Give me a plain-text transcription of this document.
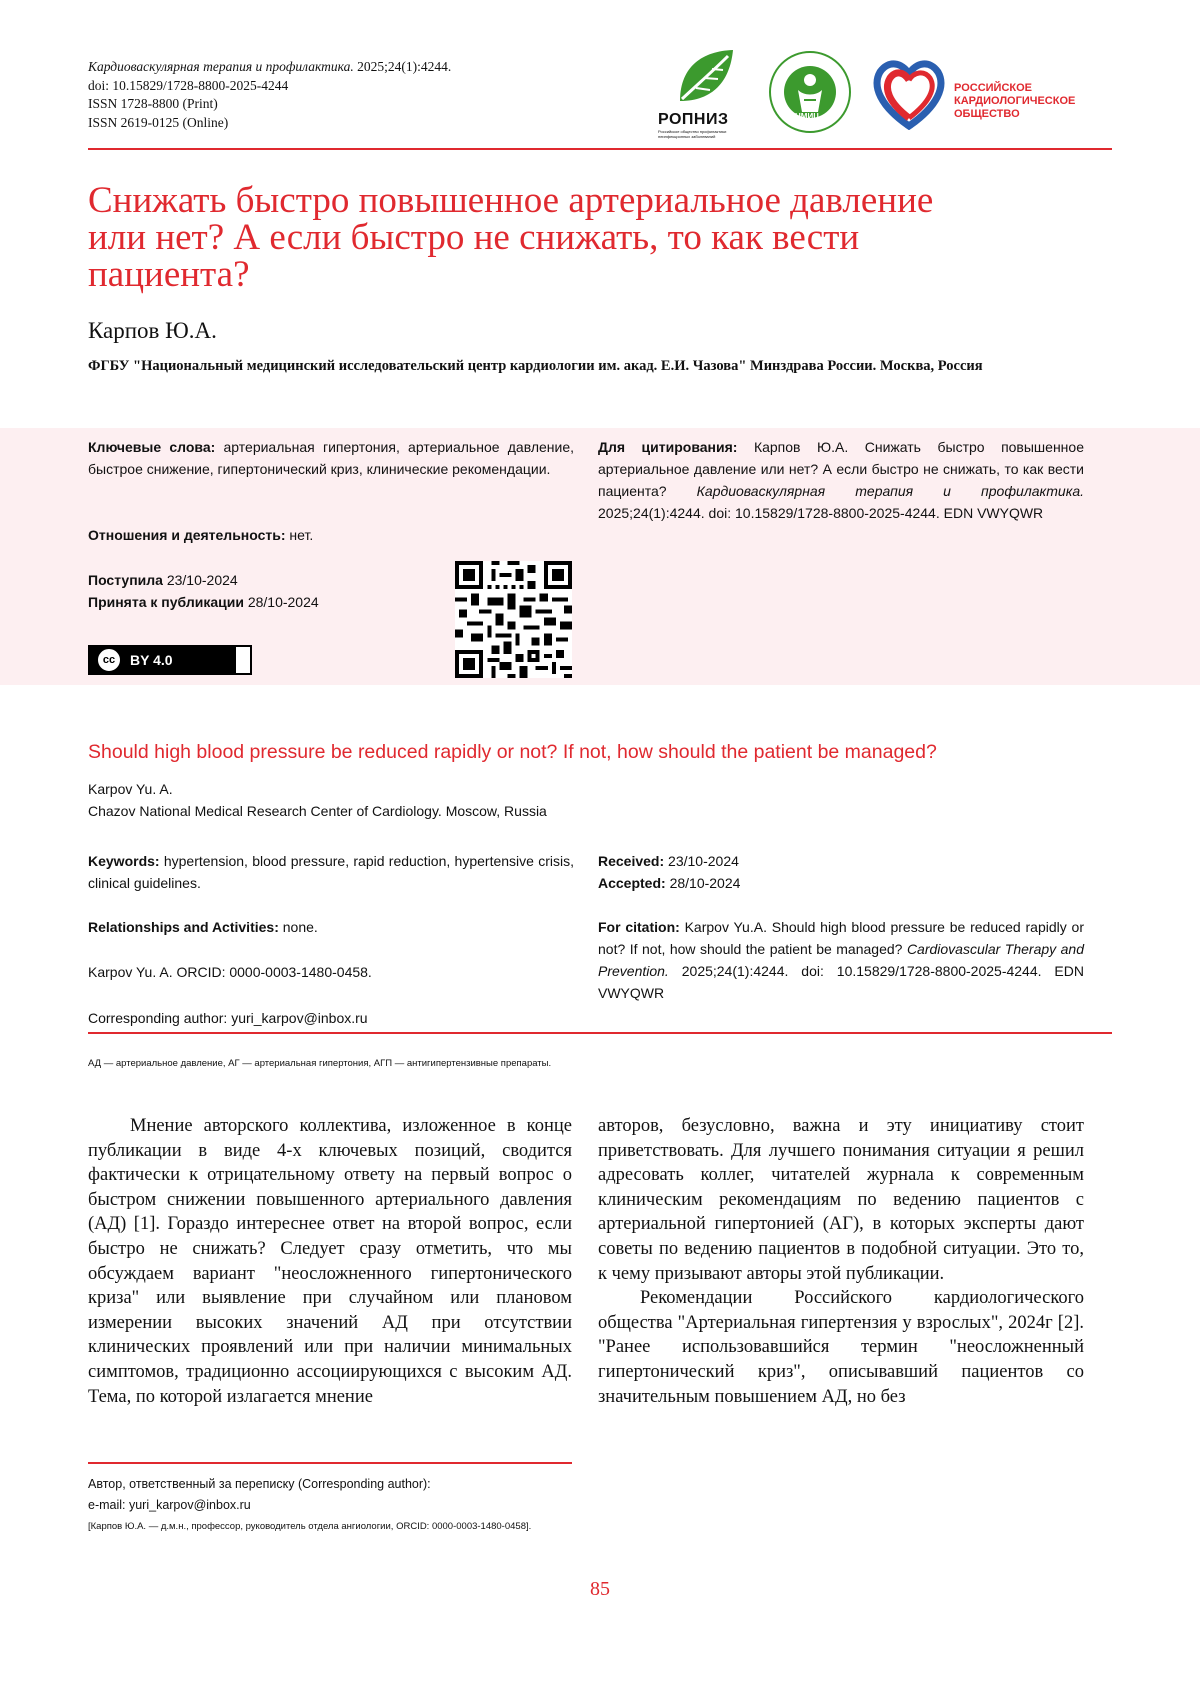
Кардиоваскулярная терапия и профилактика. 2025;24(1):4244.
doi: 10.15829/1728-8800-2025-4244
ISSN 1728-8800 (Print)
ISSN 2619-0125 (Online)	РОПНИЗ
Российское общество профилактики неинфекционных заболеваний
НМИЦ
РОССИЙСКОЕ
КАРДИОЛОГИЧЕСКОЕ
ОБЩЕСТВО
Снижать быстро повышенное артериальное давление
или нет? А если быстро не снижать, то как вести
пациента?
Карпов Ю.А.
ФГБУ "Национальный медицинский исследовательский центр кардиологии им. акад. Е.И. Чазова" Минздрава России. Москва, Россия
Ключевые слова: артериальная гипертония, артериальное давление, быстрое снижение, гипертонический криз, клинические рекомендации.
Отношения и деятельность: нет.
Поступила 23/10-2024
Принята к публикации 28/10-2024
cc	BY 4.0
Для цитирования: Карпов Ю.А. Снижать быстро повышенное артериальное давление или нет? А если быстро не снижать, то как вести пациента? Кардиоваскулярная терапия и профилактика. 2025;24(1):4244. doi: 10.15829/1728-8800-2025-4244. EDN VWYQWR
Should high blood pressure be reduced rapidly or not? If not, how should the patient be managed?
Karpov Yu. A.
Chazov National Medical Research Center of Cardiology. Moscow, Russia
Keywords: hypertension, blood pressure, rapid reduction, hypertensive crisis, clinical guidelines.
Relationships and Activities: none.
Karpov Yu. A. ORCID: 0000-0003-1480-0458.
Corresponding author: yuri_karpov@inbox.ru
Received: 23/10-2024
Accepted: 28/10-2024
For citation: Karpov Yu.A. Should high blood pressure be reduced rapidly or not? If not, how should the patient be managed? Cardiovascular Therapy and Prevention. 2025;24(1):4244. doi: 10.15829/1728-8800-2025-4244. EDN VWYQWR
АД — артериальное давление, АГ — артериальная гипертония, АГП — антигипертензивные препараты.

Мнение авторского коллектива, изложенное в конце публикации в виде 4-х ключевых позиций, сводится фактически к отрицательному ответу на первый вопрос о быстром снижении повышенного артериального давления (АД) [1]. Гораздо интереснее ответ на второй вопрос, если быстро не снижать? Следует сразу отметить, что мы обсуждаем вариант "неосложненного гипертонического криза" или выявление при случайном или плановом измерении высоких значений АД при отсутствии клинических проявлений или при наличии минимальных симптомов, традиционно ассоциирующихся с высоким АД. Тема, по которой излагается мнение

авторов, безусловно, важна и эту инициативу стоит приветствовать. Для лучшего понимания ситуации я решил адресовать коллег, читателей журнала к современным клиническим рекомендациям по ведению пациентов с артериальной гипертонией (АГ), в которых эксперты дают советы по ведению пациентов в подобной ситуации. Это то, к чему призывают авторы этой публикации.

Рекомендации Российского кардиологического общества "Артериальная гипертензия у взрослых", 2024г [2]. "Ранее использовавшийся термин "неосложненный гипертонический криз", описывавший пациентов со значительным повышением АД, но без

Автор, ответственный за переписку (Corresponding author):
e-mail: yuri_karpov@inbox.ru
[Карпов Ю.А. — д.м.н., профессор, руководитель отдела ангиологии, ORCID: 0000-0003-1480-0458].
85
